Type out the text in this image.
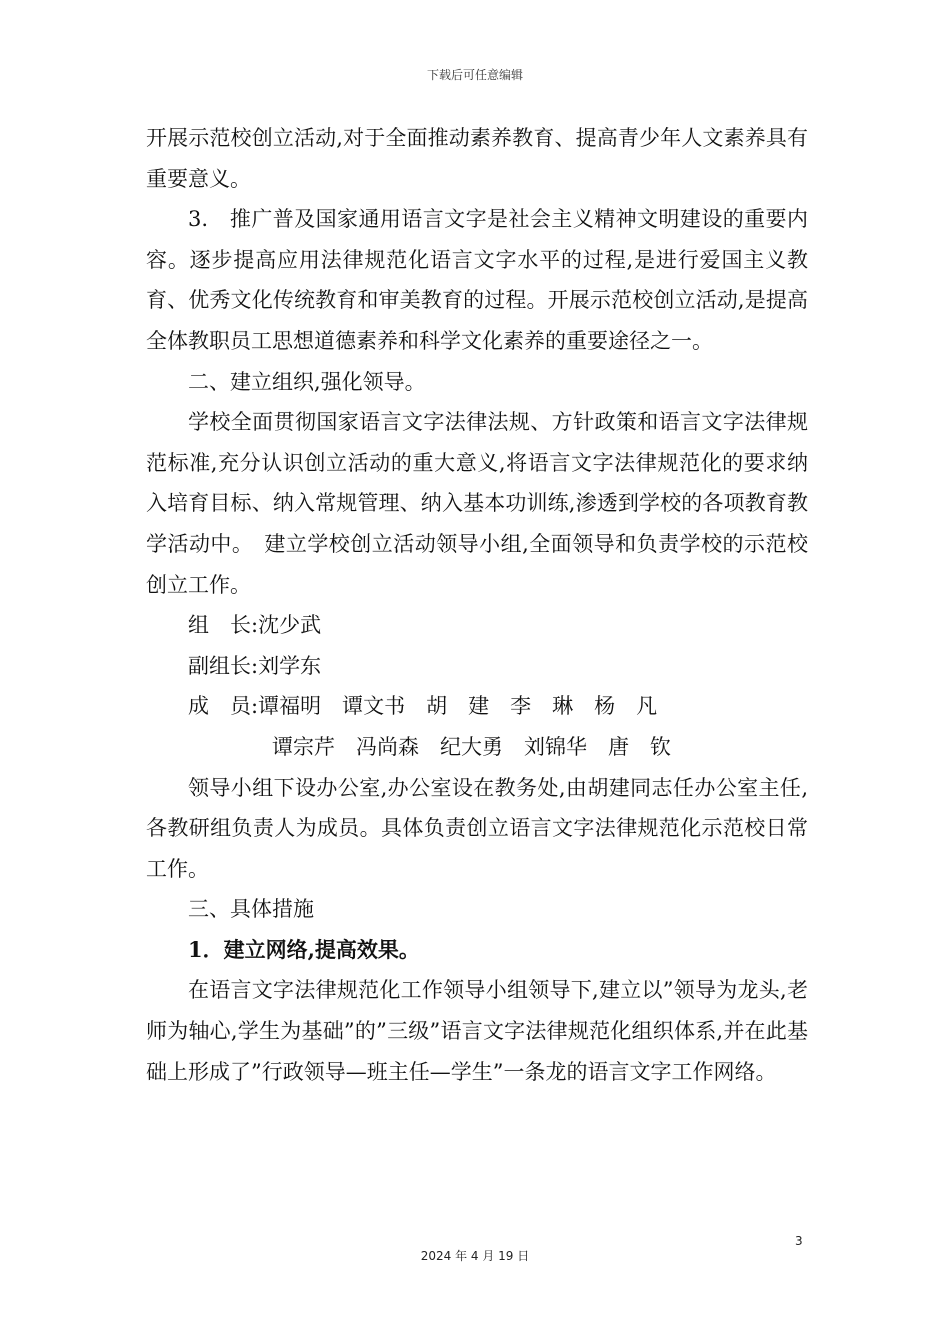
下载后可任意编辑

开展示范校创立活动,对于全面推动素养教育、提高青少年人文素养具有重要意义。

3.　推广普及国家通用语言文字是社会主义精神文明建设的重要内容。逐步提高应用法律规范化语言文字水平的过程,是进行爱国主义教育、优秀文化传统教育和审美教育的过程。开展示范校创立活动,是提高全体教职员工思想道德素养和科学文化素养的重要途径之一。

二、建立组织,强化领导。

学校全面贯彻国家语言文字法律法规、方针政策和语言文字法律规范标准,充分认识创立活动的重大意义,将语言文字法律规范化的要求纳入培育目标、纳入常规管理、纳入基本功训练,渗透到学校的各项教育教学活动中。　建立学校创立活动领导小组,全面领导和负责学校的示范校创立工作。

组　长:沈少武

副组长:刘学东

成　员:谭福明　谭文书　胡　建　李　琳　杨　凡

谭宗芹　冯尚森　纪大勇　刘锦华　唐　钦

领导小组下设办公室,办公室设在教务处,由胡建同志任办公室主任,各教研组负责人为成员。具体负责创立语言文字法律规范化示范校日常工作。

三、具体措施

1．建立网络,提高效果。

在语言文字法律规范化工作领导小组领导下,建立以”领导为龙头,老师为轴心,学生为基础”的”三级”语言文字法律规范化组织体系,并在此基础上形成了”行政领导—班主任—学生”一条龙的语言文字工作网络。

3
2024 年 4 月 19 日
